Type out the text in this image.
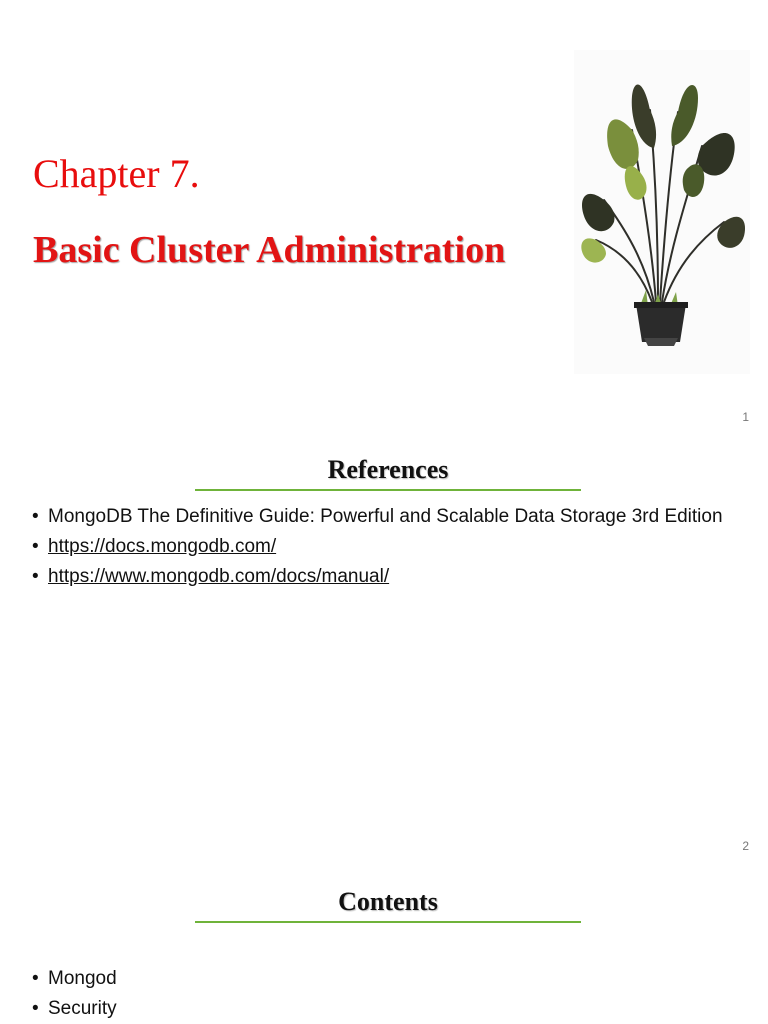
Chapter 7.
Basic Cluster Administration
1
References
• MongoDB The Definitive Guide: Powerful and Scalable Data Storage 3rd Edition
• https://docs.mongodb.com/
• https://www.mongodb.com/docs/manual/
2
Contents
• Mongod
• Security
